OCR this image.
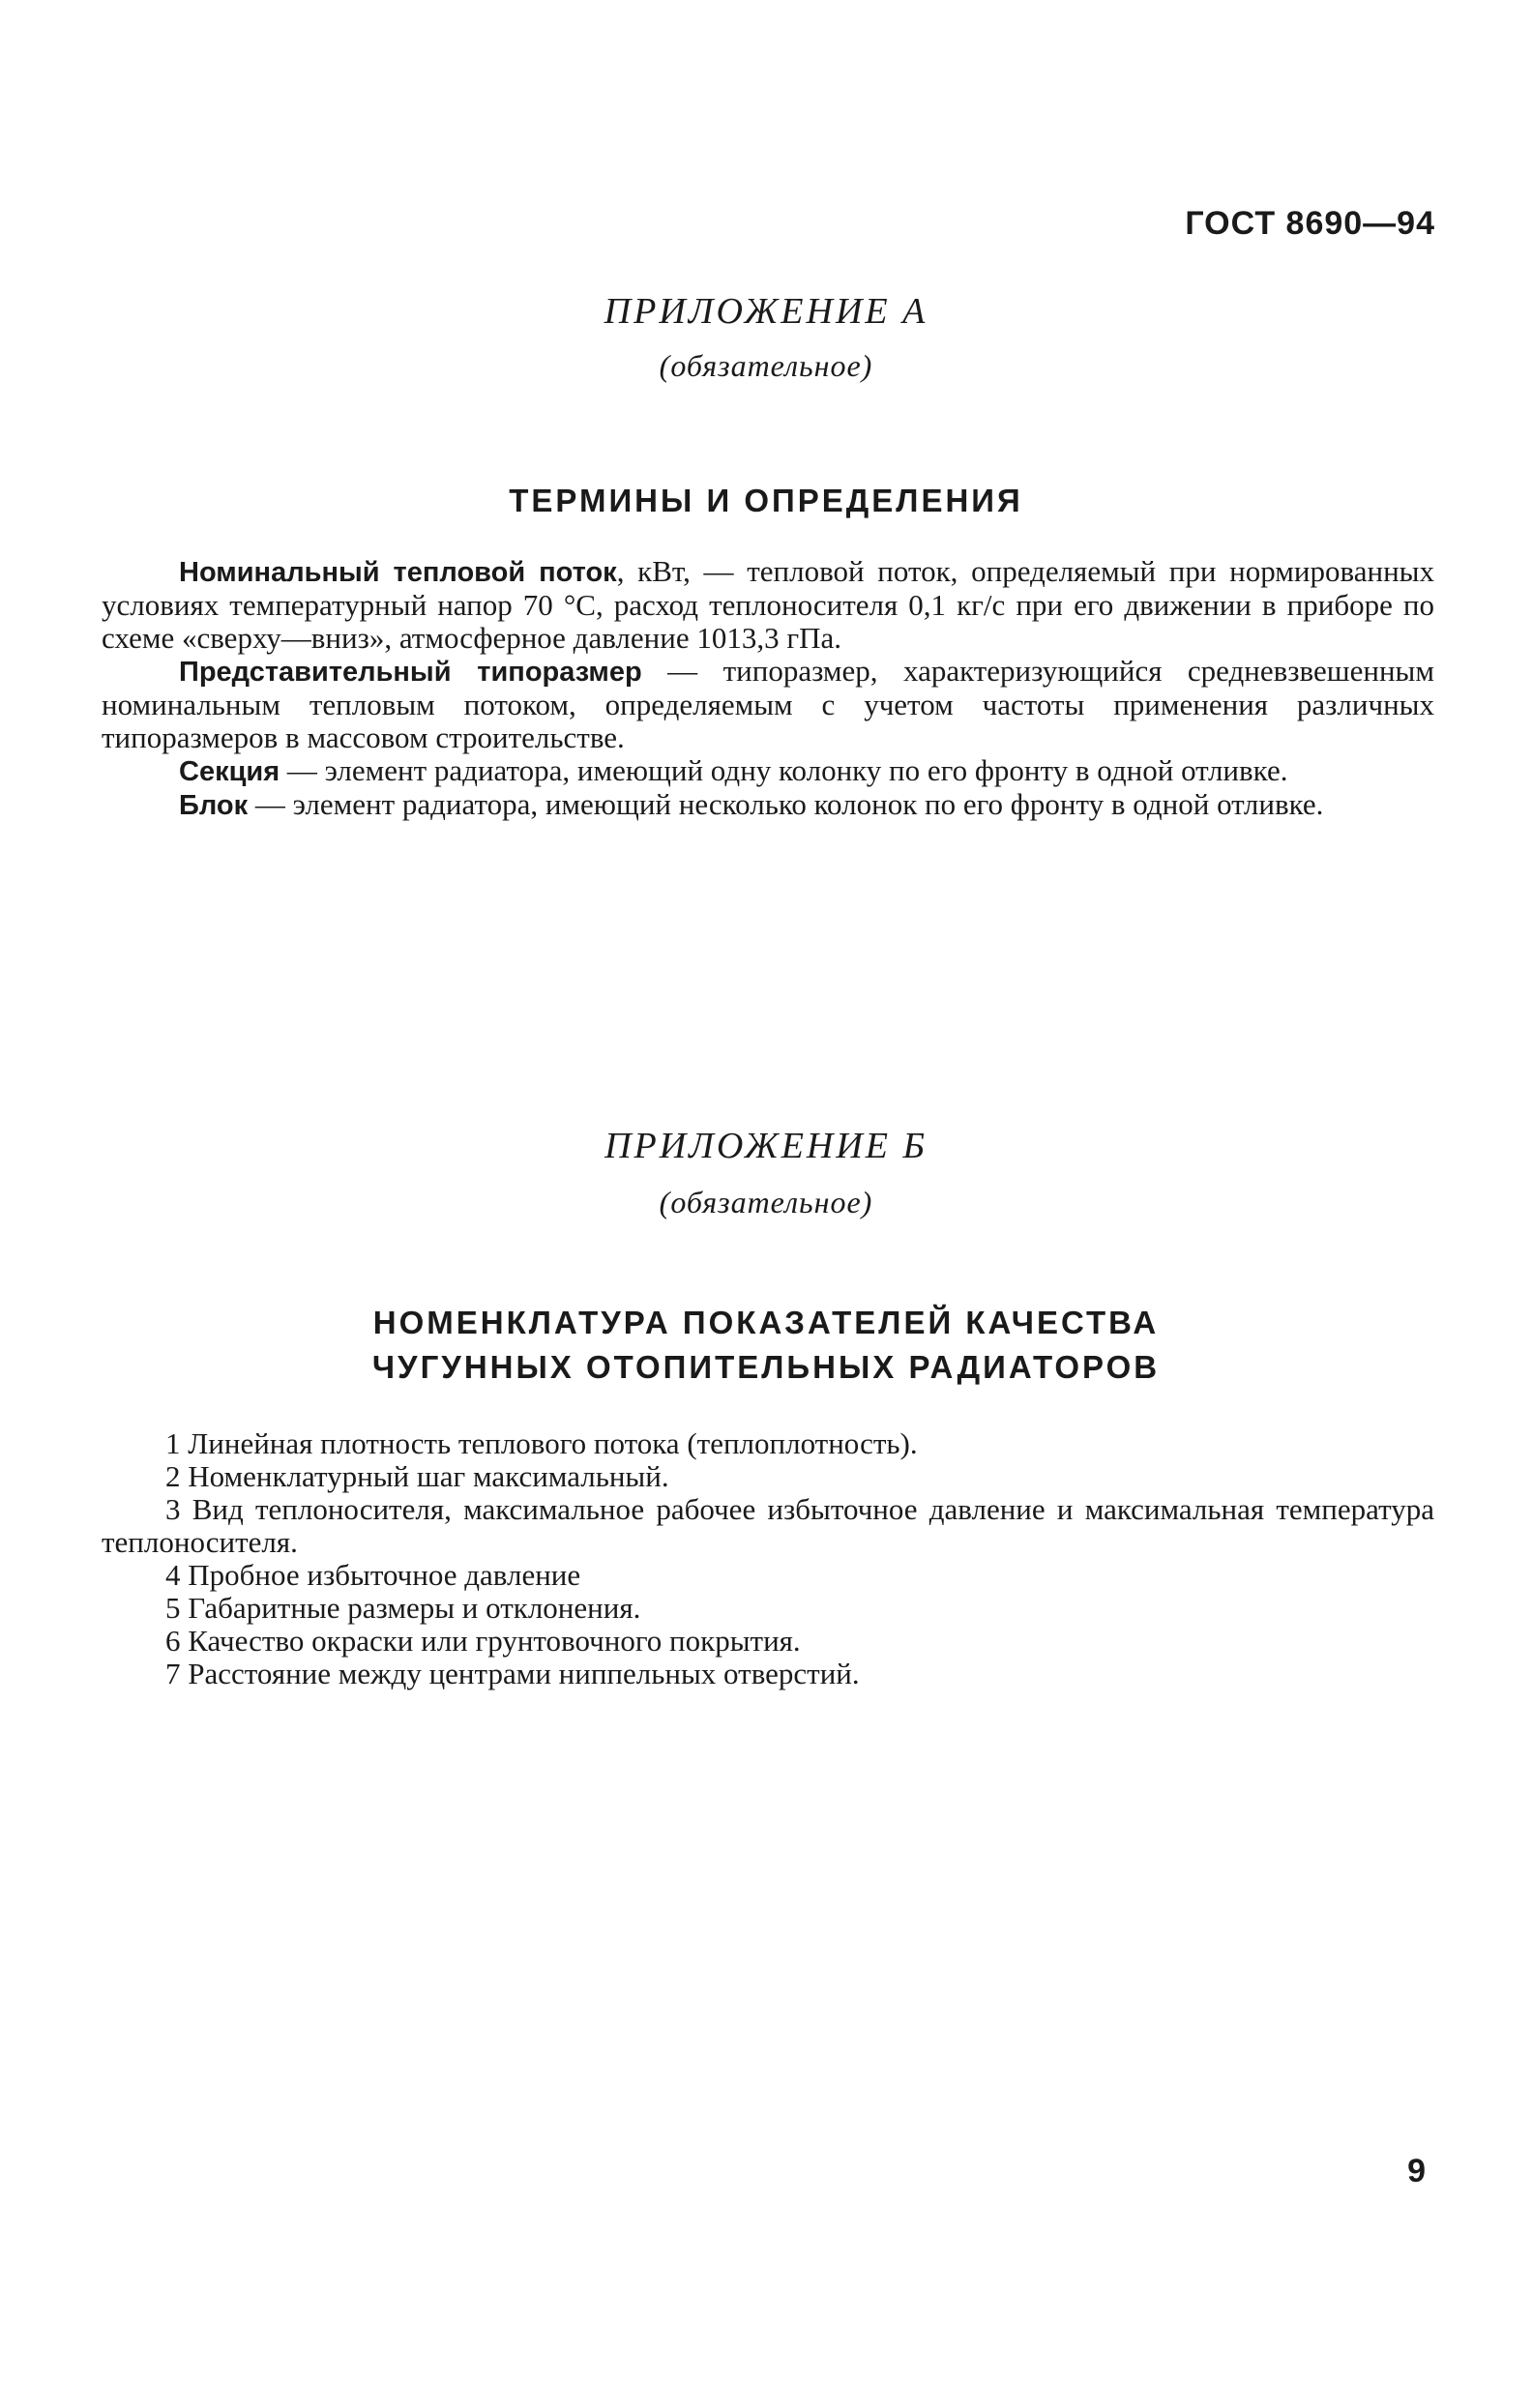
ГОСТ 8690—94
ПРИЛОЖЕНИЕ А
(обязательное)
ТЕРМИНЫ И ОПРЕДЕЛЕНИЯ

Номинальный тепловой поток, кВт, — тепловой поток, определяемый при нормированных условиях температурный напор 70 °С, расход теплоносителя 0,1 кг/с при его движении в приборе по схеме «сверху—вниз», атмосферное давление 1013,3 гПа.

Представительный типоразмер — типоразмер, характеризующийся средневзвешенным номинальным тепловым потоком, определяемым с учетом частоты применения различных типоразмеров в массовом строительстве.

Секция — элемент радиатора, имеющий одну колонку по его фронту в одной отливке.

Блок — элемент радиатора, имеющий несколько колонок по его фронту в одной отливке.

ПРИЛОЖЕНИЕ Б
(обязательное)
НОМЕНКЛАТУРА ПОКАЗАТЕЛЕЙ КАЧЕСТВА
ЧУГУННЫХ ОТОПИТЕЛЬНЫХ РАДИАТОРОВ

1 Линейная плотность теплового потока (теплоплотность).

2 Номенклатурный шаг максимальный.

3 Вид теплоносителя, максимальное рабочее избыточное давление и максимальная температура теплоносителя.

4 Пробное избыточное давление

5 Габаритные размеры и отклонения.

6 Качество окраски или грунтовочного покрытия.

7 Расстояние между центрами ниппельных отверстий.

9
